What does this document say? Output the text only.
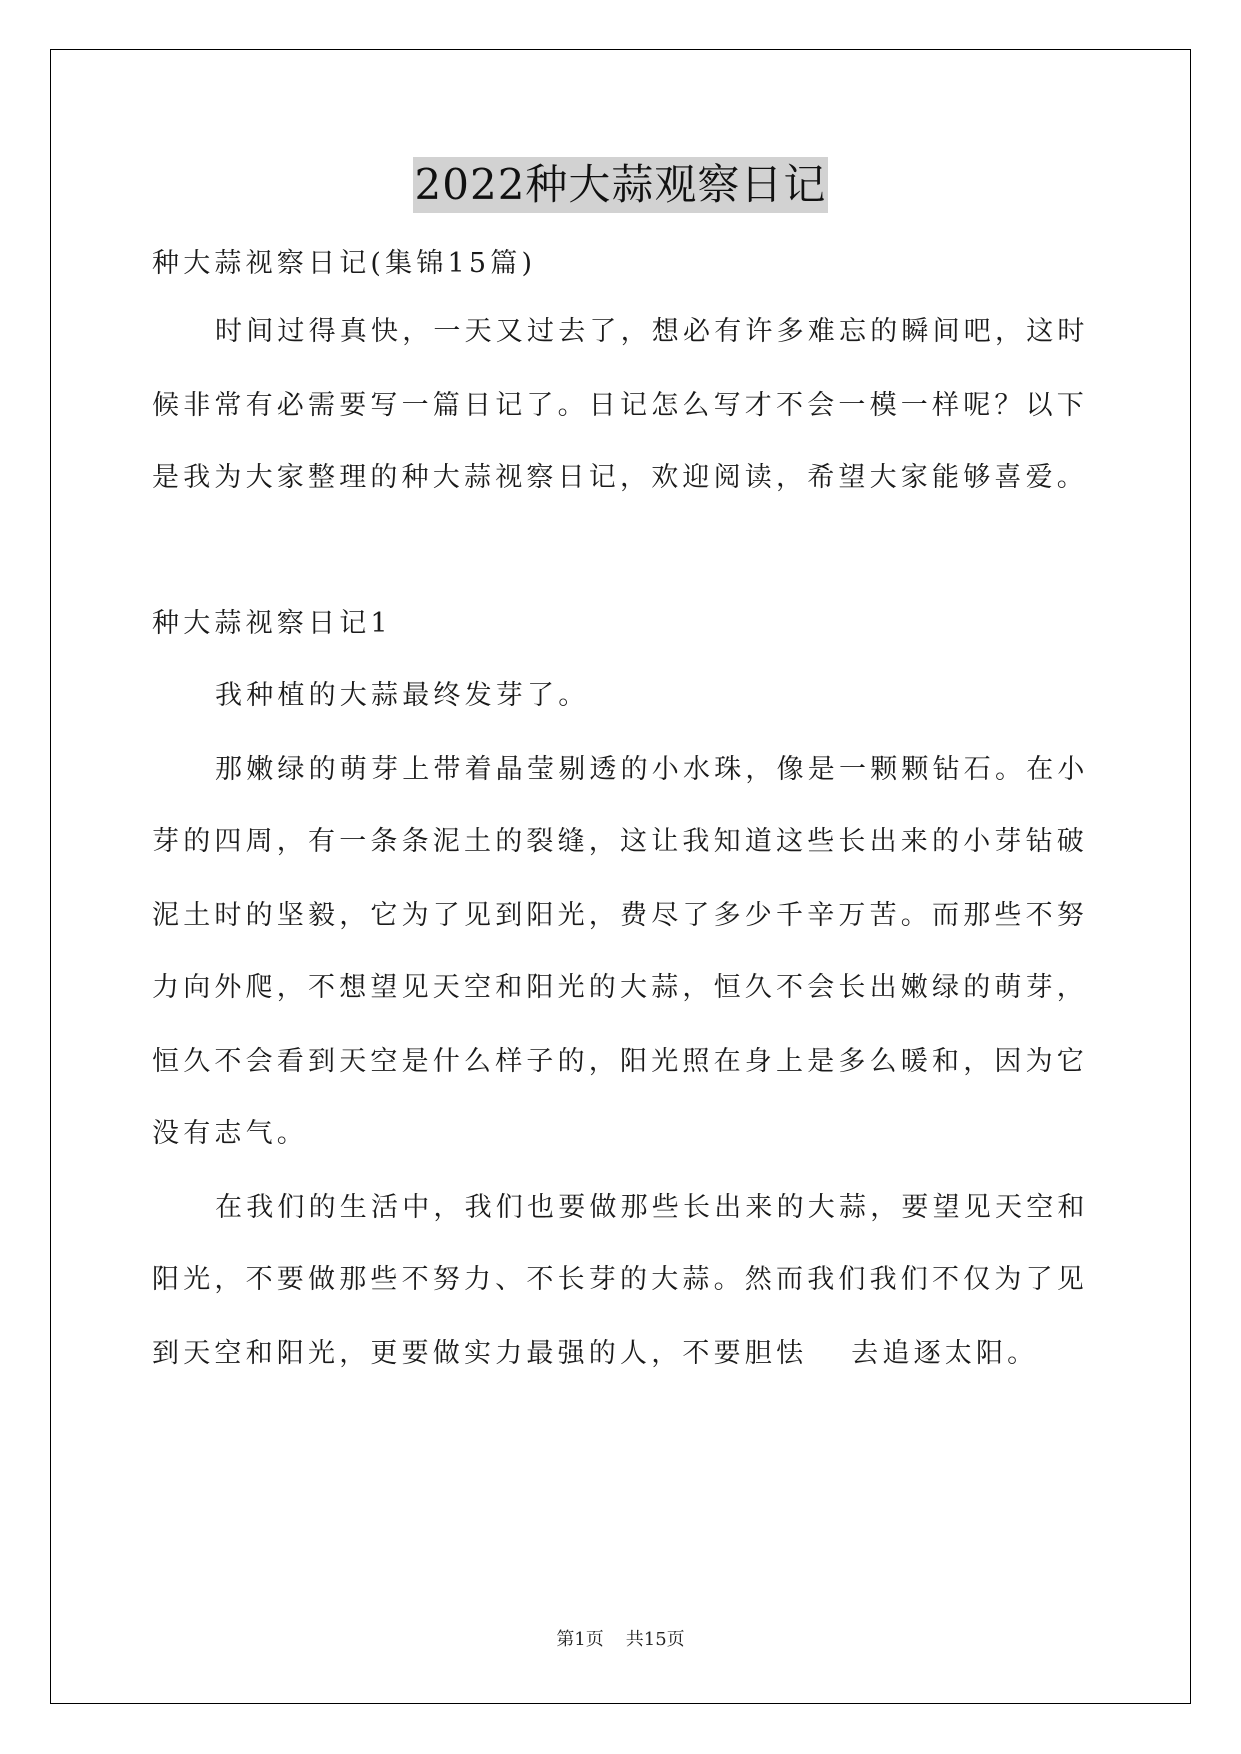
2022种大蒜观察日记
种大蒜视察日记(集锦15篇)
时间过得真快，一天又过去了，想必有许多难忘的瞬间吧，这时
候非常有必需要写一篇日记了。日记怎么写才不会一模一样呢？以下
是我为大家整理的种大蒜视察日记，欢迎阅读，希望大家能够喜爱。
种大蒜视察日记1
我种植的大蒜最终发芽了。
那嫩绿的萌芽上带着晶莹剔透的小水珠，像是一颗颗钻石。在小
芽的四周，有一条条泥土的裂缝，这让我知道这些长出来的小芽钻破
泥土时的坚毅，它为了见到阳光，费尽了多少千辛万苦。而那些不努
力向外爬，不想望见天空和阳光的大蒜，恒久不会长出嫩绿的萌芽，
恒久不会看到天空是什么样子的，阳光照在身上是多么暖和，因为它
没有志气。
在我们的生活中，我们也要做那些长出来的大蒜，要望见天空和
阳光，不要做那些不努力、不长芽的大蒜。然而我们我们不仅为了见
到天空和阳光，更要做实力最强的人，不要胆怯　 去追逐太阳。
第1页 共15页
